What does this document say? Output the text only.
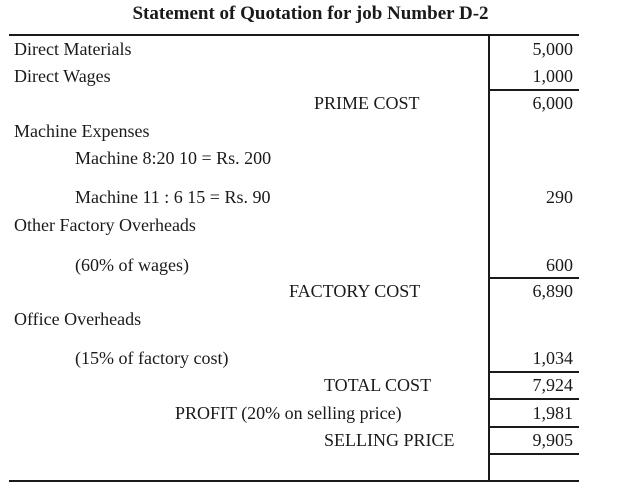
Statement of Quotation for job Number D-2
Direct Materials	5,000
Direct Wages	1,000
PRIME COST	6,000
Machine Expenses
Machine 8:20 10 = Rs. 200
Machine 11 : 6 15 = Rs. 90	290
Other Factory Overheads
(60% of wages)	600
FACTORY COST	6,890
Office Overheads
(15% of factory cost)	1,034
TOTAL COST	7,924
PROFIT (20% on selling price)	1,981
SELLING PRICE	9,905
